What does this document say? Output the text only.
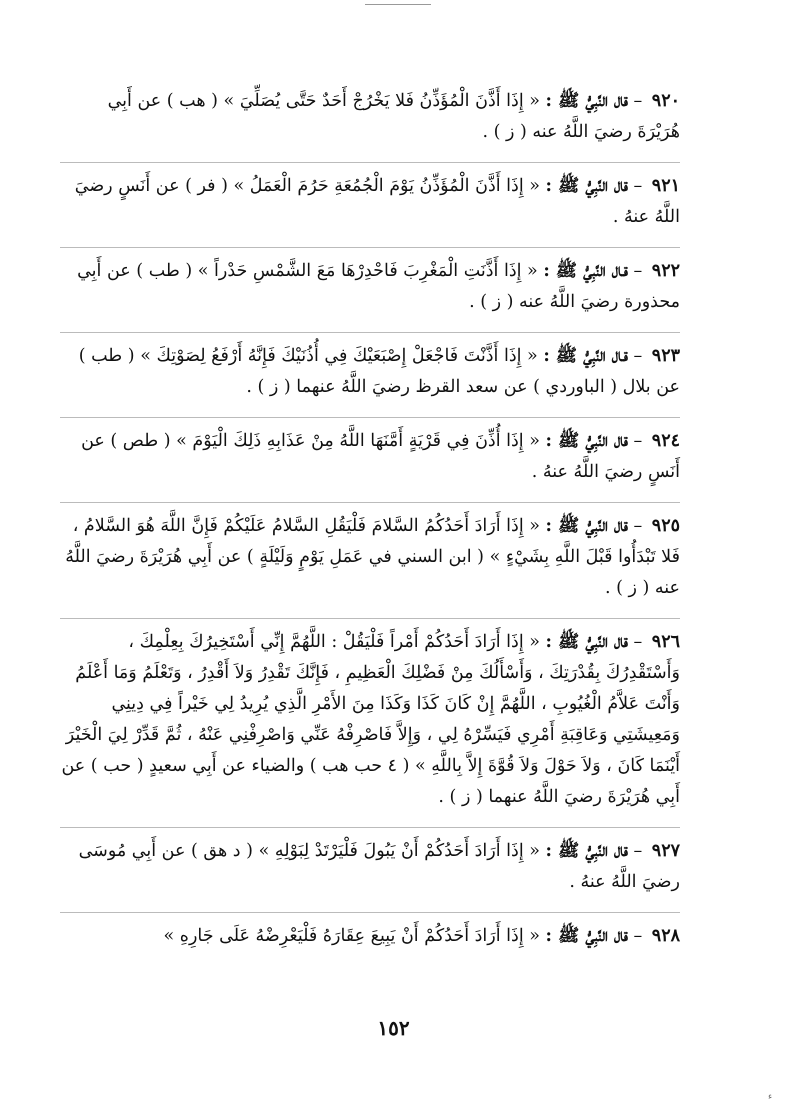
٩٢٠ – قال النَّبِيُّ ﷺ : « إِذَا أَذَّنَ الْمُؤَذِّنُ فَلا يَخْرُجْ أَحَدٌ حَتَّى يُصَلِّيَ » ( هب ) عن أَبِي هُرَيْرَةَ رضيَ اللَّهُ عنه ( ز ) .
٩٢١ – قال النَّبِيُّ ﷺ : « إِذَا أَذَّنَ الْمُؤَذِّنُ يَوْمَ الْجُمُعَةِ حَرُمَ الْعَمَلُ » ( فر ) عن أَنَسٍ رضيَ اللَّهُ عنهُ .
٩٢٢ – قـال النَّبِيُّ ﷺ : « إِذَا أَذَّنَتِ الْمَغْرِبَ فَاحْدِرْهَا مَعَ الشَّمْسِ حَدْراً » ( طب ) عن أَبِي محذورة رضيَ اللَّهُ عنه ( ز ) .
٩٢٣ – قـال النَّبِيُّ ﷺ : « إِذَا أَذَّنْتَ فَاجْعَلْ إِصْبَعَيْكَ فِي أُذُنَيْكَ فَإِنَّهُ أَرْفَعُ لِصَوْتِكَ » ( طب ) عن بلال ( الباوردي ) عن سعد القرظ رضيَ اللَّهُ عنهما ( ز ) .
٩٢٤ – قال النَّبِيُّ ﷺ : « إِذَا أُذِّنَ فِي قَرْيَةٍ أَمَّنَهَا اللَّهُ مِنْ عَذَابِهِ ذَلِكَ الْيَوْمَ » ( طص ) عن أَنَسٍ رضيَ اللَّهُ عنهُ .
٩٢٥ – قال النَّبِيُّ ﷺ : « إِذَا أَرَادَ أَحَدُكُمُ السَّلامَ فَلْيَقُلِ السَّلامُ عَلَيْكُمْ فَإِنَّ اللَّهَ هُوَ السَّلامُ ، فَلا تَبْدَأُوا قَبْلَ اللَّهِ بِشَيْءٍ » ( ابن السني في عَمَلِ يَوْمٍ وَلَيْلَةٍ ) عن أَبِي هُرَيْرَةَ رضيَ اللَّهُ عنه ( ز ) .
٩٢٦ – قال النَّبِيُّ ﷺ : « إِذَا أَرَادَ أَحَدُكُمْ أَمْراً فَلْيَقُلْ : اللَّهُمَّ إِنِّي أَسْتَخِيرُكَ بِعِلْمِكَ ، وَأَسْتَقْدِرُكَ بِقُدْرَتِكَ ، وَأَسْأَلُكَ مِنْ فَضْلِكَ الْعَظِيمِ ، فَإِنَّكَ تَقْدِرُ وَلاَ أَقْدِرُ ، وَتَعْلَمُ وَمَا أَعْلَمُ وَأَنْتَ عَلاَّمُ الْغُيُوبِ ، اللَّهُمَّ إِنْ كَانَ كَذَا وَكَذَا مِنَ الأَمْرِ الَّذِي يُرِيدُ لِي خَيْراً فِي دِينِي وَمَعِيشَتِي وَعَاقِبَةِ أَمْرِي فَيَسِّرْهُ لِي ، وَإِلاَّ فَاصْرِفْهُ عَنِّي وَاصْرِفْنِي عَنْهُ ، ثُمَّ قَدِّرْ لِيَ الْخَيْرَ أَيْنَمَا كَانَ ، وَلاَ حَوْلَ وَلاَ قُوَّةَ إِلاَّ بِاللَّهِ » ( ٤ حب هب ) والضياء عن أَبِي سعيدٍ ( حب ) عن أَبِي هُرَيْرَةَ رضيَ اللَّهُ عنهما ( ز ) .
٩٢٧ – قال النَّبِيُّ ﷺ : « إِذَا أَرَادَ أَحَدُكُمْ أَنْ يَبُولَ فَلْيَرْتَدْ لِبَوْلِهِ » ( د هق ) عن أَبِي مُوسَى رضيَ اللَّهُ عنهُ .
٩٢٨ – قال النَّبِيُّ ﷺ : « إِذَا أَرَادَ أَحَدُكُمْ أَنْ يَبِيعَ عِقَارَهُ فَلْيَعْرِضْهُ عَلَى جَارِهِ »
١٥٢
ء
